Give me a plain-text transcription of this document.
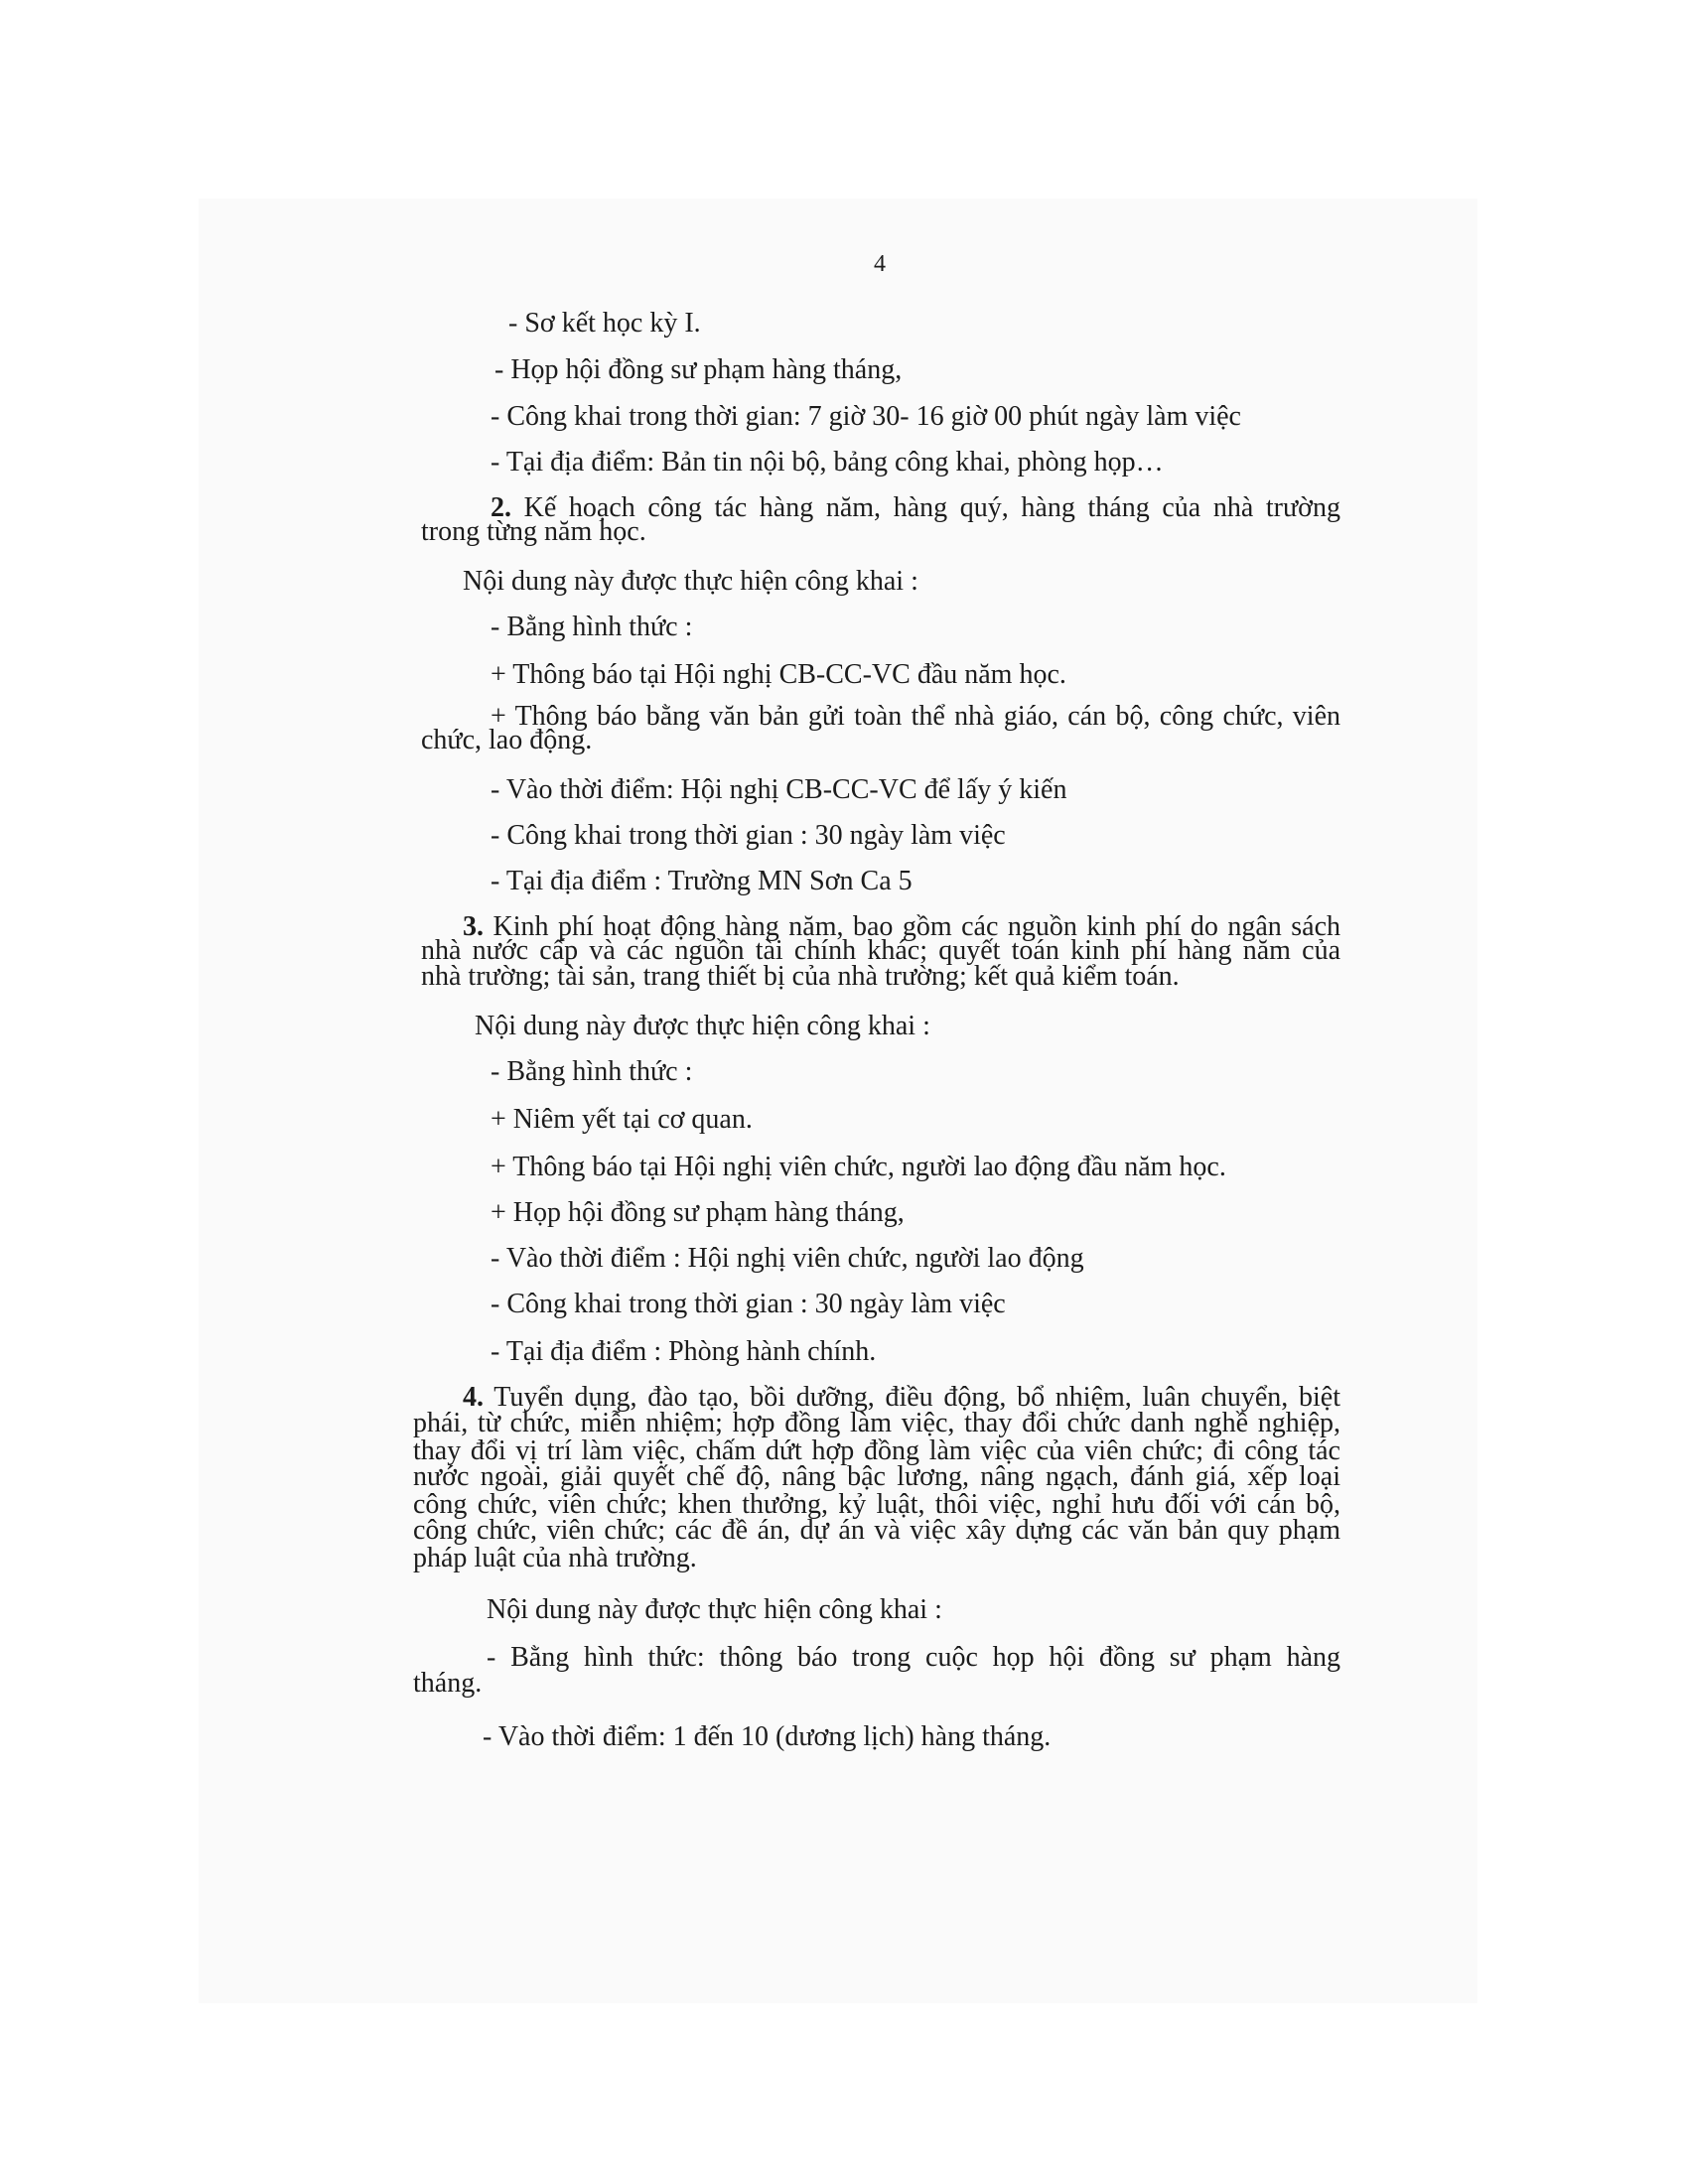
4
- Sơ kết học kỳ I.
- Họp hội đồng sư phạm hàng tháng,
- Công khai trong thời gian: 7 giờ 30- 16 giờ 00 phút ngày làm việc
- Tại địa điểm: Bản tin nội bộ, bảng công khai, phòng họp…
2. Kế hoạch công tác hàng năm, hàng quý, hàng tháng của nhà trường
trong từng năm học.
Nội dung này được thực hiện công khai :
- Bằng hình thức :
+ Thông báo tại Hội nghị CB-CC-VC đầu năm học.
+ Thông báo bằng văn bản gửi toàn thể nhà giáo, cán bộ, công chức, viên
chức, lao động.
- Vào thời điểm: Hội nghị CB-CC-VC để lấy ý kiến
- Công khai trong thời gian : 30 ngày làm việc
- Tại địa điểm : Trường MN Sơn Ca 5
3. Kinh phí hoạt động hàng năm, bao gồm các nguồn kinh phí do ngân sách
nhà nước cấp và các nguồn tài chính khác; quyết toán kinh phí hàng năm của
nhà trường; tài sản, trang thiết bị của nhà trường; kết quả kiểm toán.
Nội dung này được thực hiện công khai :
- Bằng hình thức :
+ Niêm yết tại cơ quan.
+ Thông báo tại Hội nghị viên chức, người lao động đầu năm học.
+ Họp hội đồng sư phạm hàng tháng,
- Vào thời điểm : Hội nghị viên chức, người lao động
- Công khai trong thời gian : 30 ngày làm việc
- Tại địa điểm : Phòng hành chính.
4. Tuyển dụng, đào tạo, bồi dưỡng, điều động, bổ nhiệm, luân chuyển, biệt
phái, từ chức, miễn nhiệm; hợp đồng làm việc, thay đổi chức danh nghề nghiệp,
thay đổi vị trí làm việc, chấm dứt hợp đồng làm việc của viên chức; đi công tác
nước ngoài, giải quyết chế độ, nâng bậc lương, nâng ngạch, đánh giá, xếp loại
công chức, viên chức; khen thưởng, kỷ luật, thôi việc, nghỉ hưu đối với cán bộ,
công chức, viên chức; các đề án, dự án và việc xây dựng các văn bản quy phạm
pháp luật của nhà trường.
Nội dung này được thực hiện công khai :
- Bằng hình thức: thông báo trong cuộc họp hội đồng sư phạm hàng
tháng.
- Vào thời điểm: 1 đến 10 (dương lịch) hàng tháng.
